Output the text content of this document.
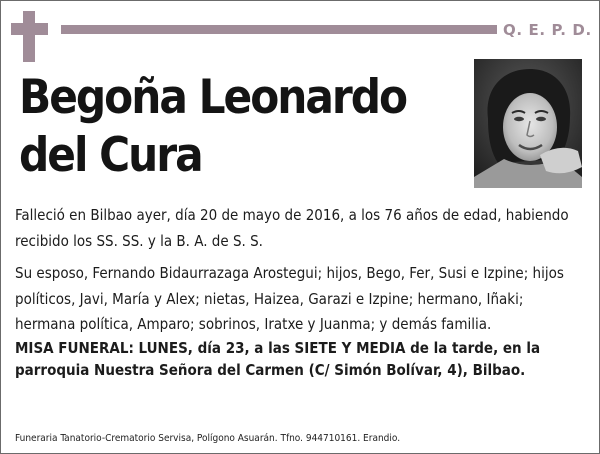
Q. E. P. D.
Begoña Leonardo
del Cura
Falleció en Bilbao ayer, día 20 de mayo de 2016, a los 76 años de edad, habiendo recibido los SS. SS. y la B. A. de S. S.
Su esposo, Fernando Bidaurrazaga Arostegui; hijos, Bego, Fer, Susi e Izpine; hijos políticos, Javi, María y Alex; nietas, Haizea, Garazi e Izpine; hermano, Iñaki; hermana política, Amparo; sobrinos, Iratxe y Juanma; y demás familia.
MISA FUNERAL: LUNES, día 23, a las SIETE Y MEDIA de la tarde, en la parroquia Nuestra Señora del Carmen (C/ Simón Bolívar, 4), Bilbao.
Funeraria Tanatorio-Crematorio Servisa, Polígono Asuarán. Tfno. 944710161. Erandio.
